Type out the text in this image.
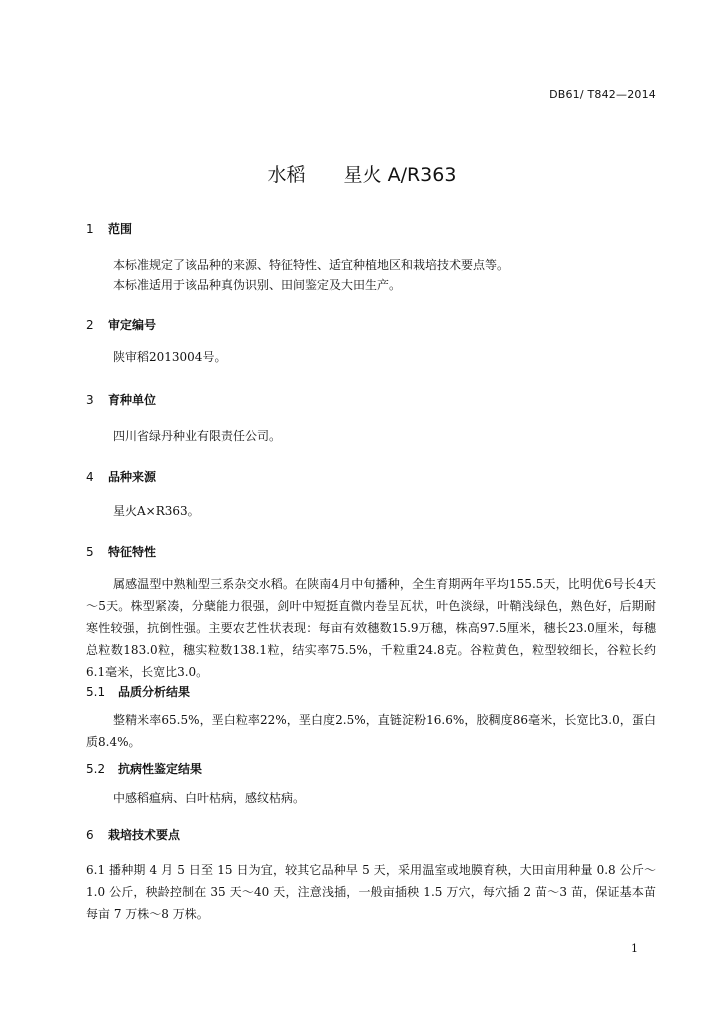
DB61/ T842—2014
水稻 星火 A/R363
1 范围
本标准规定了该品种的来源、特征特性、适宜种植地区和栽培技术要点等。
本标准适用于该品种真伪识别、田间鉴定及大田生产。
2 审定编号
陕审稻2013004号。
3 育种单位
四川省绿丹种业有限责任公司。
4 品种来源
星火A×R363。
5 特征特性
属感温型中熟籼型三系杂交水稻。在陕南4月中旬播种，全生育期两年平均155.5天，比明优6号长4天～5天。株型紧凑，分蘖能力很强，剑叶中短挺直微内卷呈瓦状，叶色淡绿，叶鞘浅绿色，熟色好，后期耐寒性较强，抗倒性强。主要农艺性状表现：每亩有效穗数15.9万穗，株高97.5厘米，穗长23.0厘米，每穗总粒数183.0粒，穗实粒数138.1粒，结实率75.5%，千粒重24.8克。谷粒黄色，粒型较细长，谷粒长约6.1毫米，长宽比3.0。
5.1 品质分析结果
整精米率65.5%，垩白粒率22%，垩白度2.5%，直链淀粉16.6%，胶稠度86毫米，长宽比3.0，蛋白质8.4%。
5.2 抗病性鉴定结果
中感稻瘟病、白叶枯病，感纹枯病。
6 栽培技术要点
6.1 播种期 4 月 5 日至 15 日为宜，较其它品种早 5 天，采用温室或地膜育秧，大田亩用种量 0.8 公斤～1.0 公斤，秧龄控制在 35 天～40 天，注意浅插，一般亩插秧 1.5 万穴，每穴插 2 苗～3 苗，保证基本苗每亩 7 万株～8 万株。
1
